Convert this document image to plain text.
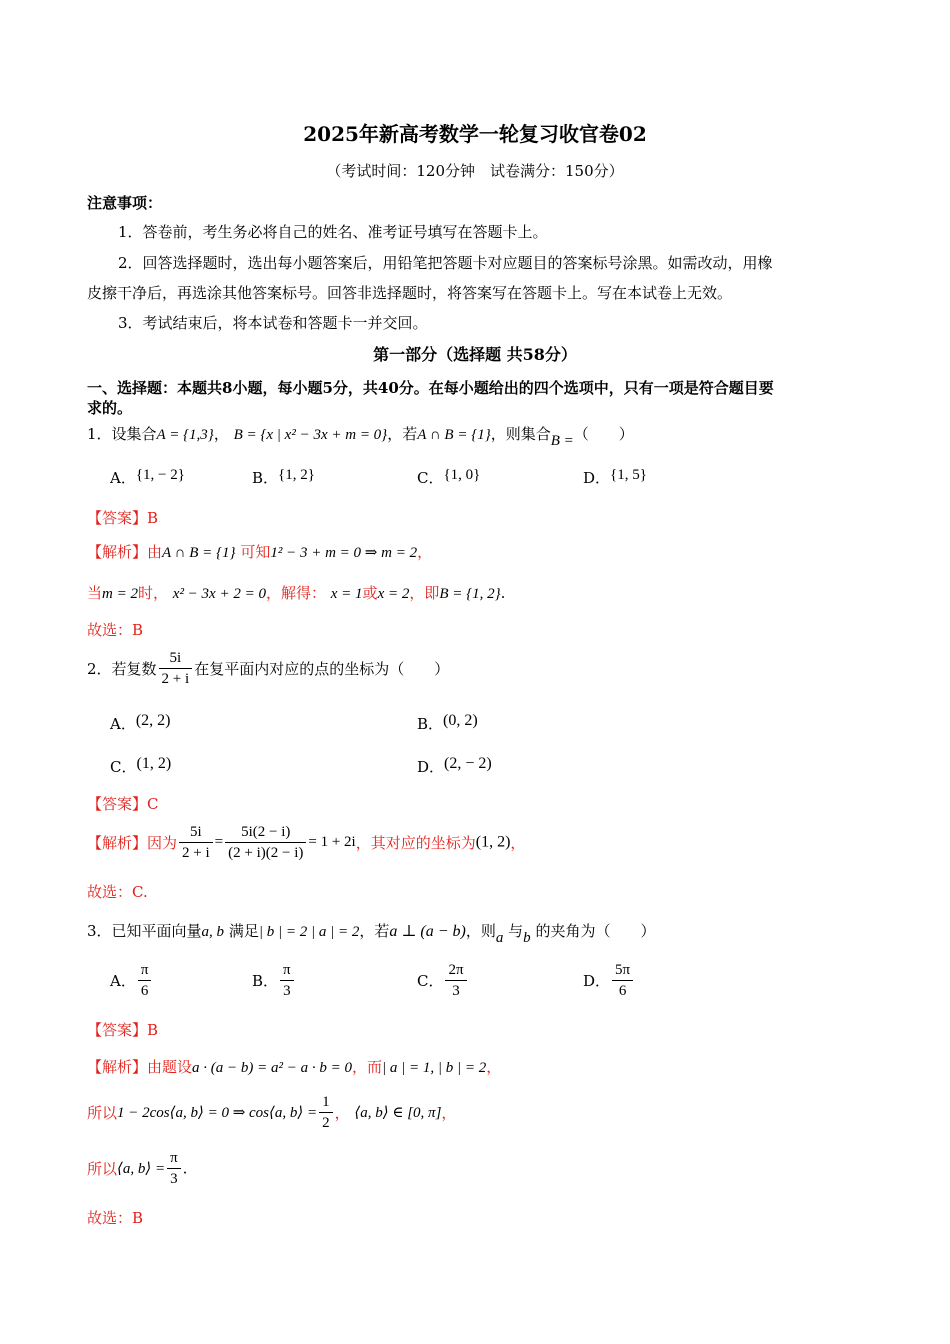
2025年新高考数学一轮复习收官卷02
（考试时间：120分钟　试卷满分：150分）
注意事项：
1．答卷前，考生务必将自己的姓名、准考证号填写在答题卡上。
2．回答选择题时，选出每小题答案后，用铅笔把答题卡对应题目的答案标号涂黑。如需改动，用橡
皮擦干净后，再选涂其他答案标号。回答非选择题时，将答案写在答题卡上。写在本试卷上无效。
3．考试结束后，将本试卷和答题卡一并交回。
第一部分（选择题 共58分）
一、选择题：本题共8小题，每小题5分，共40分。在每小题给出的四个选项中，只有一项是符合题目要
求的。
1．设集合A = {1,3}， B = {x | x² − 3x + m = 0}，若A ∩ B = {1}，则集合B =（　　）
A．{1, − 2}	B．{1, 2}	C．{1, 0}	D．{1, 5}
【答案】B
【解析】由A ∩ B = {1} 可知1² − 3 + m = 0 ⇒ m = 2，
当m = 2时， x² − 3x + 2 = 0，解得： x = 1或x = 2，即B = {1, 2}.
故选：B
2．若复数 $\frac{5i}{2 + i}$ 在复平面内对应的点的坐标为（　　）
A．(2, 2)	B．(0, 2)
C．(1, 2)	D．(2, − 2)
【答案】C
【解析】因为 $\frac{5i}{2 + i} = \frac{5i(2 - i)}{(2 + i)(2 - i)} = 1 + 2i$，其对应的坐标为(1, 2)，
故选：C.
3．已知平面向量a, b 满足| b | = 2 | a | = 2，若a ⊥ (a − b)，则a 与b 的夹角为（　　）
A． $\frac{\pi}{6}$	B． $\frac{\pi}{3}$	C． $\frac{2\pi}{3}$	D． $\frac{5\pi}{6}$
【答案】B
【解析】由题设a · (a − b) = a² − a · b = 0，而| a | = 1, | b | = 2，
所以1 − 2cos⟨a, b⟩ = 0 ⇒ cos⟨a, b⟩ = $\frac{1}{2}$ ， ⟨a, b⟩ ∈ [0, π]，
所以⟨a, b⟩ = $\frac{\pi}{3}$ .
故选：B
